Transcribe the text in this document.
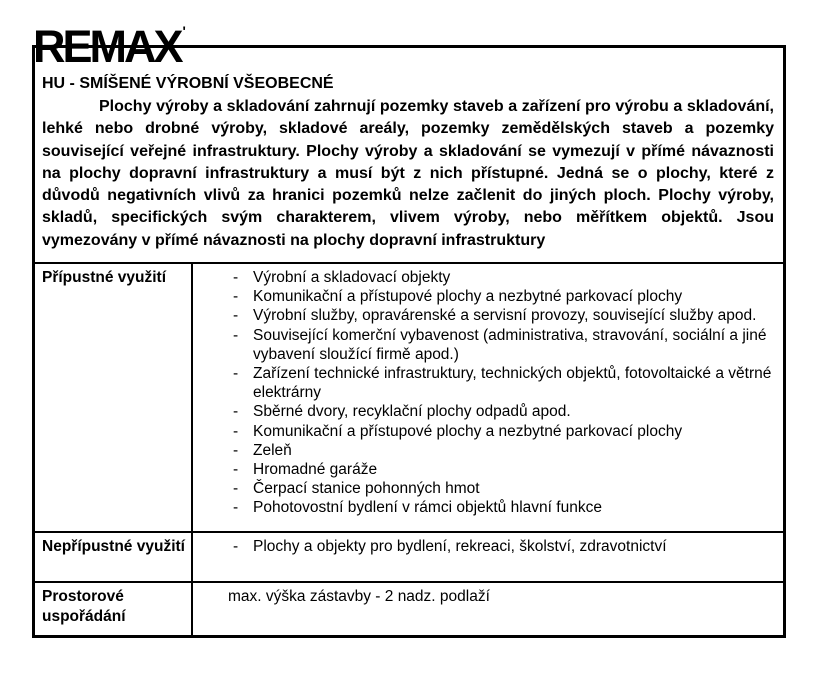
REMAX '
HU - SMÍŠENÉ VÝROBNÍ VŠEOBECNÉ
Plochy výroby a skladování zahrnují pozemky staveb a zařízení pro výrobu a skladování, lehké nebo drobné výroby, skladové areály, pozemky zemědělských staveb a pozemky související veřejné infrastruktury. Plochy výroby a skladování se vymezují v přímé návaznosti na plochy dopravní infrastruktury a musí být z nich přístupné. Jedná se o plochy, které z důvodů negativních vlivů za hranici pozemků nelze začlenit do jiných ploch. Plochy výroby, skladů, specifických svým charakterem, vlivem výroby, nebo měřítkem objektů. Jsou vymezovány v přímé návaznosti na plochy dopravní infrastruktury
Přípustné využití	- Výrobní a skladovací objekty
- Komunikační a přístupové plochy a nezbytné parkovací plochy
- Výrobní služby, opravárenské a servisní provozy, související služby apod.
- Související komerční vybavenost (administrativa, stravování, sociální a jiné vybavení sloužící firmě apod.)
- Zařízení technické infrastruktury, technických objektů, fotovoltaické a větrné elektrárny
- Sběrné dvory, recyklační plochy odpadů apod.
- Komunikační a přístupové plochy a nezbytné parkovací plochy
- Zeleň
- Hromadné garáže
- Čerpací stanice pohonných hmot
- Pohotovostní bydlení v rámci objektů hlavní funkce
Nepřípustné využití	- Plochy a objekty pro bydlení, rekreaci, školství, zdravotnictví
Prostorové uspořádání
max. výška zástavby - 2 nadz. podlaží
